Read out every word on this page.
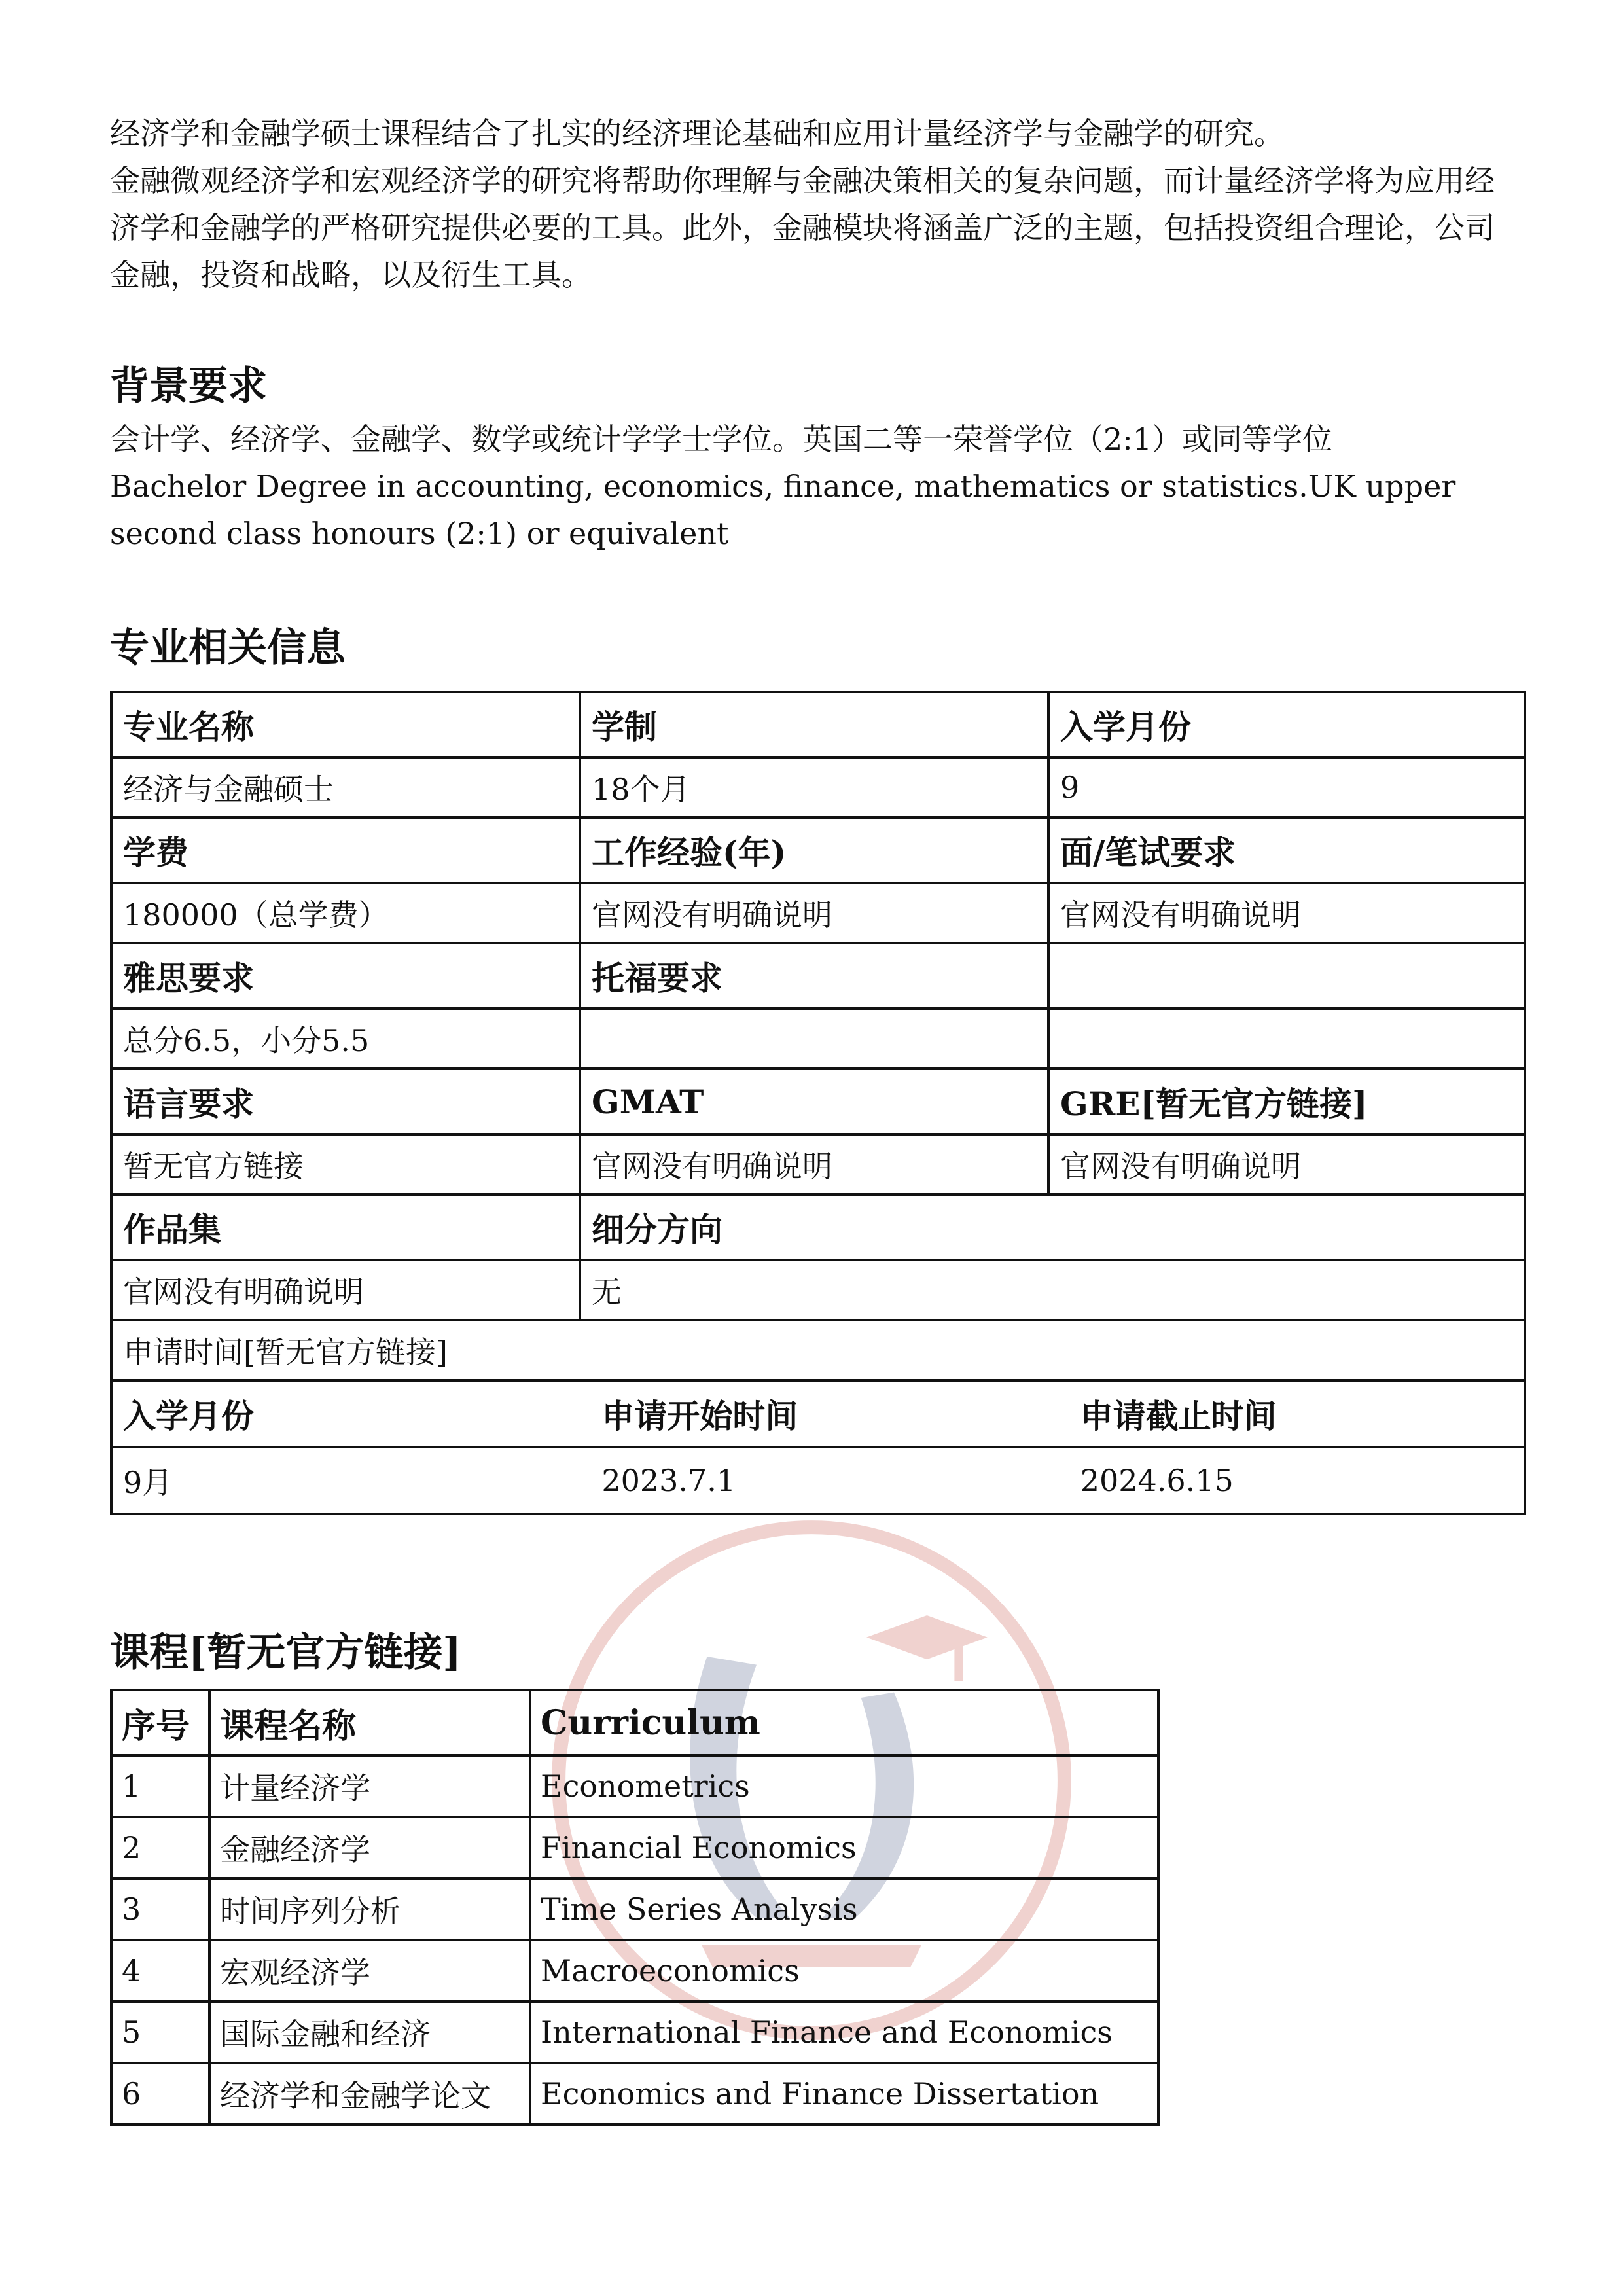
经济学和金融学硕士课程结合了扎实的经济理论基础和应用计量经济学与金融学的研究。

金融微观经济学和宏观经济学的研究将帮助你理解与金融决策相关的复杂问题，而计量经济学将为应用经济学和金融学的严格研究提供必要的工具。此外，金融模块将涵盖广泛的主题，包括投资组合理论，公司金融，投资和战略，以及衍生工具。

背景要求

会计学、经济学、金融学、数学或统计学学士学位。英国二等一荣誉学位（2:1）或同等学位

Bachelor Degree in accounting, economics, finance, mathematics or statistics.UK upper second class honours (2:1) or equivalent

专业相关信息
专业名称	学制	入学月份
经济与金融硕士	18个月	9
学费	工作经验(年)	面/笔试要求
180000（总学费）	官网没有明确说明	官网没有明确说明
雅思要求	托福要求	
总分6.5，小分5.5		
语言要求	GMAT	GRE[暂无官方链接]
暂无官方链接	官网没有明确说明	官网没有明确说明
作品集	细分方向
官网没有明确说明	无
申请时间[暂无官方链接]

入学月份	申请开始时间	申请截止时间
9月	2023.7.1	2024.6.15
课程[暂无官方链接]
序号	课程名称	Curriculum
1	计量经济学	Econometrics
2	金融经济学	Financial Economics
3	时间序列分析	Time Series Analysis
4	宏观经济学	Macroeconomics
5	国际金融和经济	International Finance and Economics
6	经济学和金融学论文	Economics and Finance Dissertation
